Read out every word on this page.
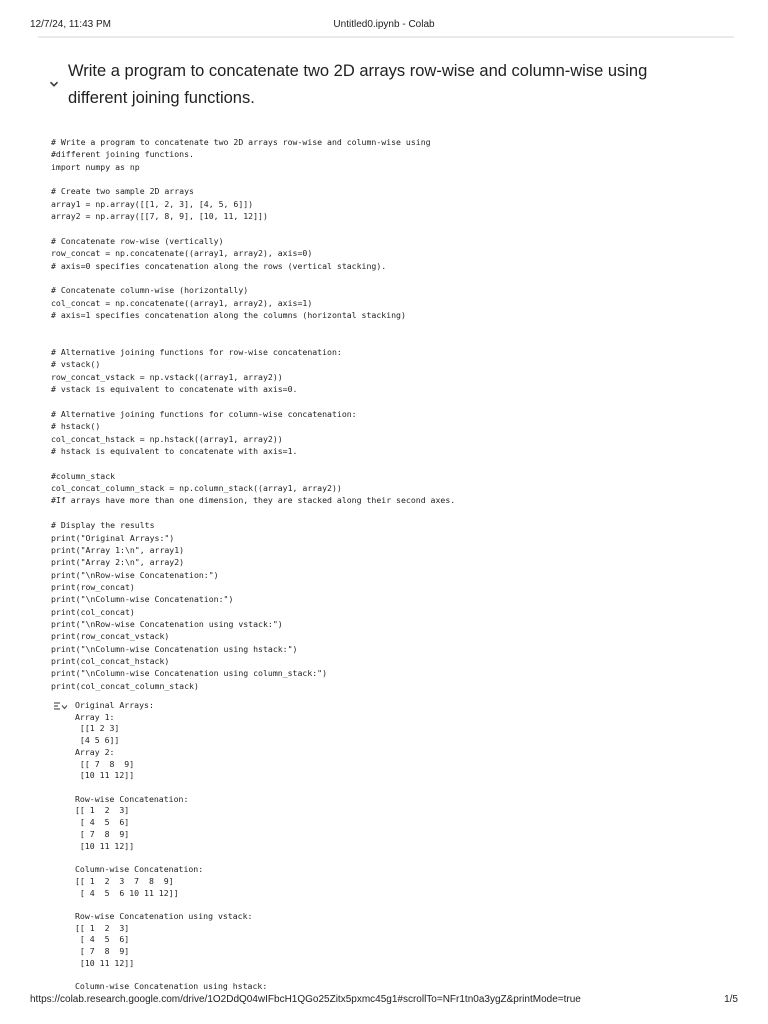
12/7/24, 11:43 PM	Untitled0.ipynb - Colab
Write a program to concatenate two 2D arrays row-wise and column-wise using different joining functions.
# Write a program to concatenate two 2D arrays row-wise and column-wise using
#different joining functions.
import numpy as np
# Create two sample 2D arrays
array1 = np.array([[1, 2, 3], [4, 5, 6]])
array2 = np.array([[7, 8, 9], [10, 11, 12]])
# Concatenate row-wise (vertically)
row_concat = np.concatenate((array1, array2), axis=0)
# axis=0 specifies concatenation along the rows (vertical stacking).
# Concatenate column-wise (horizontally)
col_concat = np.concatenate((array1, array2), axis=1)
# axis=1 specifies concatenation along the columns (horizontal stacking)
# Alternative joining functions for row-wise concatenation:
# vstack()
row_concat_vstack = np.vstack((array1, array2))
# vstack is equivalent to concatenate with axis=0.
# Alternative joining functions for column-wise concatenation:
# hstack()
col_concat_hstack = np.hstack((array1, array2))
# hstack is equivalent to concatenate with axis=1.
#column_stack
col_concat_column_stack = np.column_stack((array1, array2))
#If arrays have more than one dimension, they are stacked along their second axes.
# Display the results
print("Original Arrays:")
print("Array 1:\n", array1)
print("Array 2:\n", array2)
print("\nRow-wise Concatenation:")
print(row_concat)
print("\nColumn-wise Concatenation:")
print(col_concat)
print("\nRow-wise Concatenation using vstack:")
print(row_concat_vstack)
print("\nColumn-wise Concatenation using hstack:")
print(col_concat_hstack)
print("\nColumn-wise Concatenation using column_stack:")
print(col_concat_column_stack)
Original Arrays:
Array 1:
[[1 2 3]
[4 5 6]]
Array 2:
[[ 7  8  9]
[10 11 12]]
Row-wise Concatenation:
[[ 1  2  3]
[ 4  5  6]
[ 7  8  9]
[10 11 12]]
Column-wise Concatenation:
[[ 1  2  3  7  8  9]
[ 4  5  6 10 11 12]]
Row-wise Concatenation using vstack:
[[ 1  2  3]
[ 4  5  6]
[ 7  8  9]
[10 11 12]]
Column-wise Concatenation using hstack:
https://colab.research.google.com/drive/1O2DdQ04wIFbcH1QGo25Zitx5pxmc45g1#scrollTo=NFr1tn0a3ygZ&printMode=true	1/5
